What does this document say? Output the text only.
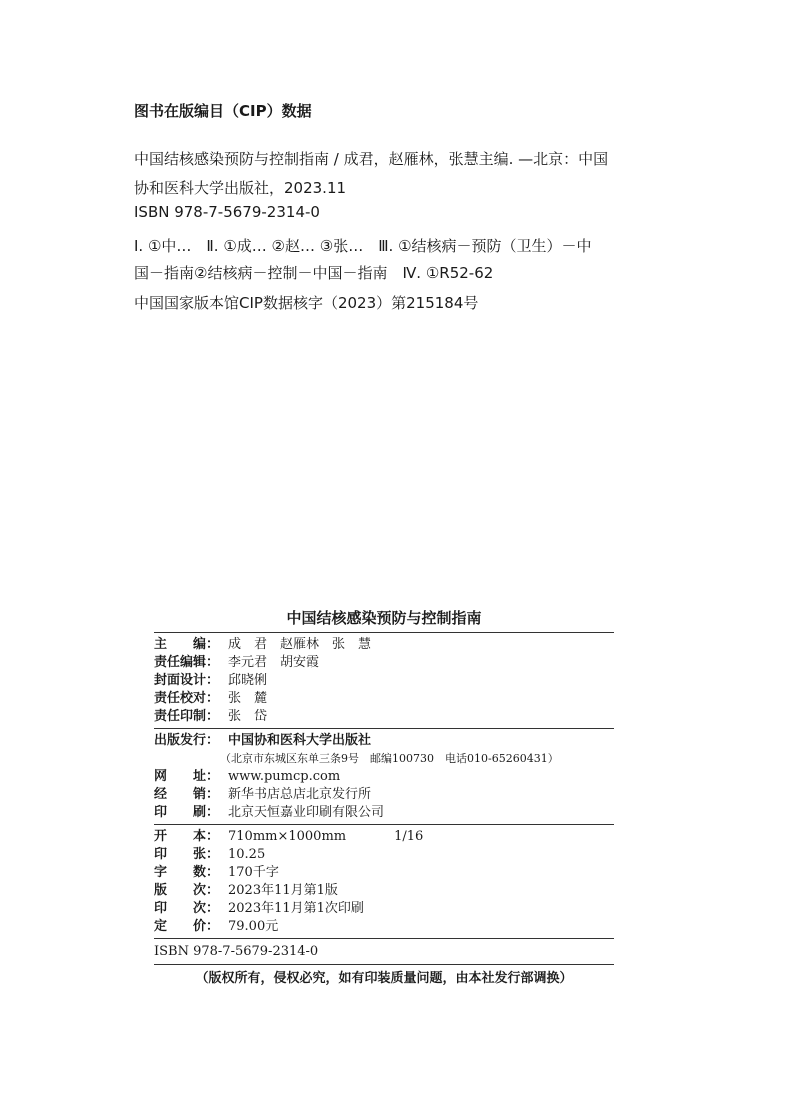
图书在版编目（CIP）数据
中国结核感染预防与控制指南 / 成君，赵雁林，张慧主编. —北京：中国
协和医科大学出版社，2023.11
ISBN 978-7-5679-2314-0
Ⅰ. ①中…　Ⅱ. ①成… ②赵… ③张…　Ⅲ. ①结核病－预防（卫生）－中
国－指南②结核病－控制－中国－指南　Ⅳ. ①R52-62
中国国家版本馆CIP数据核字（2023）第215184号
中国结核感染预防与控制指南
主　　编： 成　君　赵雁林　张　慧
责任编辑： 李元君　胡安霞
封面设计： 邱晓俐
责任校对： 张　麓
责任印制： 张　岱
出版发行： 中国协和医科大学出版社
（北京市东城区东单三条9号　邮编100730　电话010-65260431）
网　　址： www.pumcp.com
经　　销： 新华书店总店北京发行所
印　　刷： 北京天恒嘉业印刷有限公司
开　　本： 710mm×1000mm	1/16
印　　张： 10.25
字　　数： 170千字
版　　次： 2023年11月第1版
印　　次： 2023年11月第1次印刷
定　　价： 79.00元
ISBN 978-7-5679-2314-0
（版权所有，侵权必究，如有印装质量问题，由本社发行部调换）
